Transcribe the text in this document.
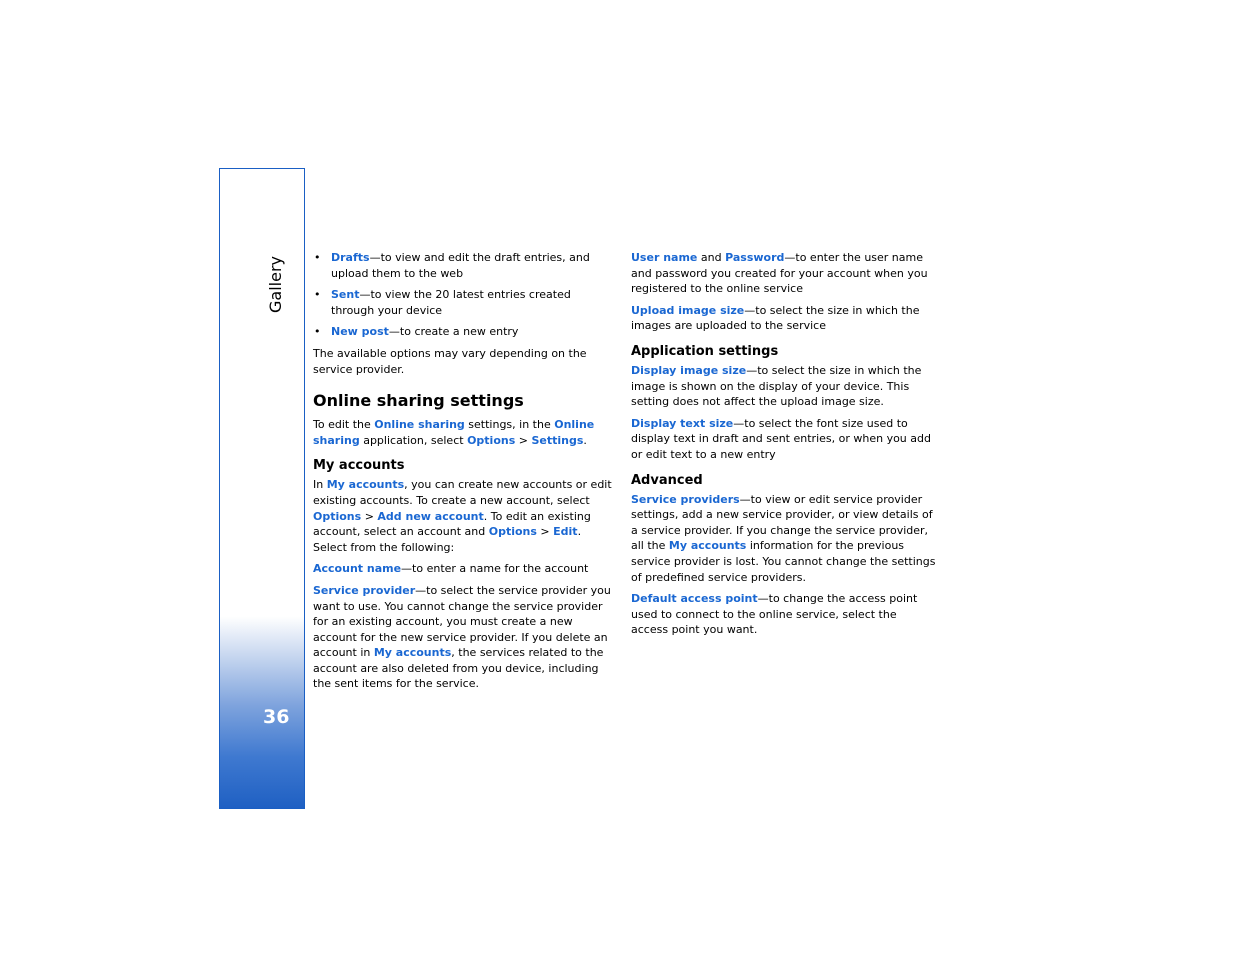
Gallery
36
• Drafts—to view and edit the draft entries, and upload them to the web
• Sent—to view the 20 latest entries created through your device
• New post—to create a new entry

The available options may vary depending on the service provider.

Online sharing settings

To edit the Online sharing settings, in the Online sharing application, select Options > Settings.

My accounts

In My accounts, you can create new accounts or edit existing accounts. To create a new account, select Options > Add new account. To edit an existing account, select an account and Options > Edit. Select from the following:

Account name—to enter a name for the account

Service provider—to select the service provider you want to use. You cannot change the service provider for an existing account, you must create a new account for the new service provider. If you delete an account in My accounts, the services related to the account are also deleted from you device, including the sent items for the service.

User name and Password—to enter the user name and password you created for your account when you registered to the online service

Upload image size—to select the size in which the images are uploaded to the service

Application settings

Display image size—to select the size in which the image is shown on the display of your device. This setting does not affect the upload image size.

Display text size—to select the font size used to display text in draft and sent entries, or when you add or edit text to a new entry

Advanced

Service providers—to view or edit service provider settings, add a new service provider, or view details of a service provider. If you change the service provider, all the My accounts information for the previous service provider is lost. You cannot change the settings of predefined service providers.

Default access point—to change the access point used to connect to the online service, select the access point you want.
